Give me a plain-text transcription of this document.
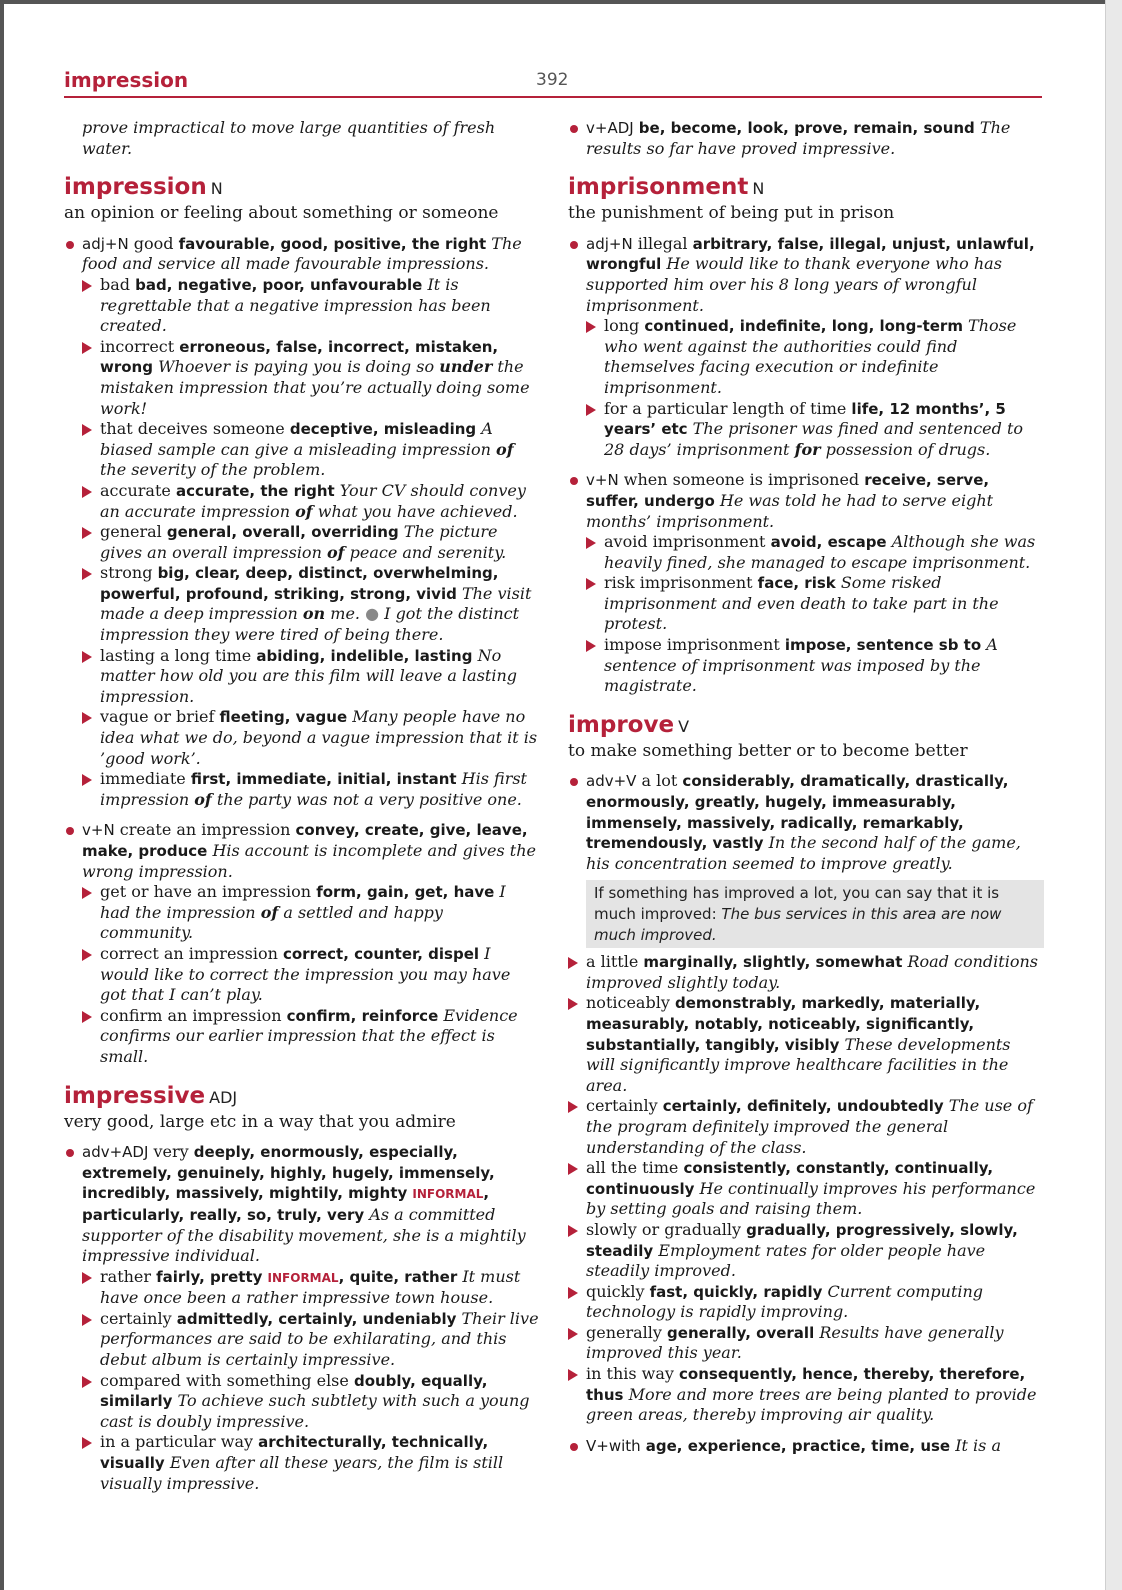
impression	392
prove impractical to move large quantities of fresh water.
impression N
an opinion or feeling about something or someone
adj+N good favourable, good, positive, the right The food and service all made favourable impressions.
bad bad, negative, poor, unfavourable It is regrettable that a negative impression has been created.
incorrect erroneous, false, incorrect, mistaken, wrong Whoever is paying you is doing so under the mistaken impression that you’re actually doing some work!
that deceives someone deceptive, misleading A biased sample can give a misleading impression of the severity of the problem.
accurate accurate, the right Your CV should convey an accurate impression of what you have achieved.
general general, overall, overriding The picture gives an overall impression of peace and serenity.
strong big, clear, deep, distinct, overwhelming, powerful, profound, striking, strong, vivid The visit made a deep impression on me. ● I got the distinct impression they were tired of being there.
lasting a long time abiding, indelible, lasting No matter how old you are this film will leave a lasting impression.
vague or brief fleeting, vague Many people have no idea what we do, beyond a vague impression that it is ’good work’.
immediate first, immediate, initial, instant His first impression of the party was not a very positive one.
v+N create an impression convey, create, give, leave, make, produce His account is incomplete and gives the wrong impression.
get or have an impression form, gain, get, have I had the impression of a settled and happy community.
correct an impression correct, counter, dispel I would like to correct the impression you may have got that I can’t play.
confirm an impression confirm, reinforce Evidence confirms our earlier impression that the effect is small.
impressive ADJ
very good, large etc in a way that you admire
adv+ADJ very deeply, enormously, especially, extremely, genuinely, highly, hugely, immensely, incredibly, massively, mightily, mighty INFORMAL, particularly, really, so, truly, very As a committed supporter of the disability movement, she is a mightily impressive individual.
rather fairly, pretty INFORMAL, quite, rather It must have once been a rather impressive town house.
certainly admittedly, certainly, undeniably Their live performances are said to be exhilarating, and this debut album is certainly impressive.
compared with something else doubly, equally, similarly To achieve such subtlety with such a young cast is doubly impressive.
in a particular way architecturally, technically, visually Even after all these years, the film is still visually impressive.
v+ADJ be, become, look, prove, remain, sound The results so far have proved impressive.
imprisonment N
the punishment of being put in prison
adj+N illegal arbitrary, false, illegal, unjust, unlawful, wrongful He would like to thank everyone who has supported him over his 8 long years of wrongful imprisonment.
long continued, indefinite, long, long-term Those who went against the authorities could find themselves facing execution or indefinite imprisonment.
for a particular length of time life, 12 months’, 5 years’ etc The prisoner was fined and sentenced to 28 days’ imprisonment for possession of drugs.
v+N when someone is imprisoned receive, serve, suffer, undergo He was told he had to serve eight months’ imprisonment.
avoid imprisonment avoid, escape Although she was heavily fined, she managed to escape imprisonment.
risk imprisonment face, risk Some risked imprisonment and even death to take part in the protest.
impose imprisonment impose, sentence sb to A sentence of imprisonment was imposed by the magistrate.
improve V
to make something better or to become better
adv+V a lot considerably, dramatically, drastically, enormously, greatly, hugely, immeasurably, immensely, massively, radically, remarkably, tremendously, vastly In the second half of the game, his concentration seemed to improve greatly.
If something has improved a lot, you can say that it is much improved: The bus services in this area are now much improved.
a little marginally, slightly, somewhat Road conditions improved slightly today.
noticeably demonstrably, markedly, materially, measurably, notably, noticeably, significantly, substantially, tangibly, visibly These developments will significantly improve healthcare facilities in the area.
certainly certainly, definitely, undoubtedly The use of the program definitely improved the general understanding of the class.
all the time consistently, constantly, continually, continuously He continually improves his performance by setting goals and raising them.
slowly or gradually gradually, progressively, slowly, steadily Employment rates for older people have steadily improved.
quickly fast, quickly, rapidly Current computing technology is rapidly improving.
generally generally, overall Results have generally improved this year.
in this way consequently, hence, thereby, therefore, thus More and more trees are being planted to provide green areas, thereby improving air quality.
V+with age, experience, practice, time, use It is a
